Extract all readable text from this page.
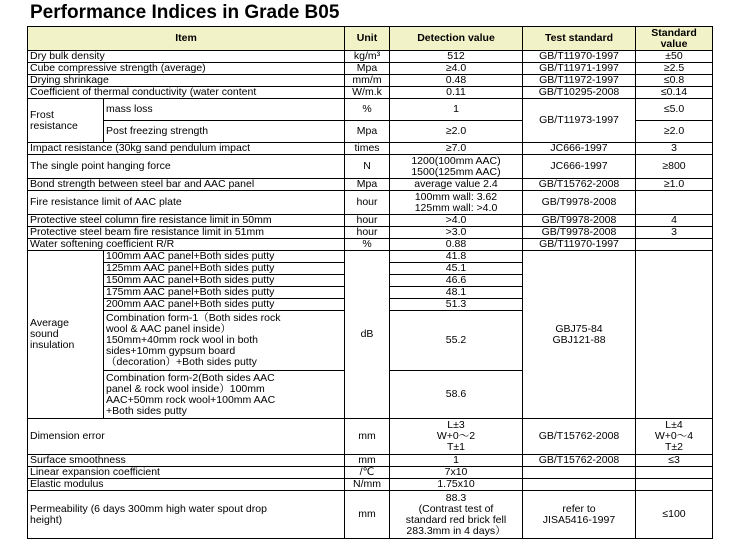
Performance Indices in Grade B05
Item		Unit	Detection value	Test standard	Standard
value
Dry bulk density		kg/m³	512	GB/T11970-1997	±50
Cube compressive strength (average)		Mpa	≥4.0	GB/T11971-1997	≥2.5
Drying shrinkage		mm/m	0.48	GB/T11972-1997	≤0.8
Coefficient of thermal conductivity (water content		W/m.k	0.11	GB/T10295-2008	≤0.14
Frost resistance	mass loss	%	1	GB/T11973-1997	≤5.0
	Post freezing strength	Mpa	≥2.0		≥2.0
Impact resistance (30kg sand pendulum impact		times	≥7.0	JC666-1997	3
The single point hanging force		N	1200(100mm AAC)
1500(125mm AAC)	JC666-1997	≥800
Bond strength between steel bar and AAC panel		Mpa	average value 2.4	GB/T15762-2008	≥1.0
Fire resistance limit of AAC plate		hour	100mm wall: 3.62
125mm wall: >4.0	GB/T9978-2008	
Protective steel column fire resistance limit in 50mm		hour	>4.0	GB/T9978-2008	4
Protective steel beam fire resistance limit in 51mm		hour	>3.0	GB/T9978-2008	3
Water softening coefficient R/R		%	0.88	GB/T11970-1997	
Average
sound
insulation	100mm AAC panel+Both sides putty	dB	41.8	GBJ75-84
GBJ121-88	
	125mm AAC panel+Both sides putty		45.1		
	150mm AAC panel+Both sides putty		46.6		
	175mm AAC panel+Both sides putty		48.1		
	200mm AAC panel+Both sides putty		51.3		
	Combination form-1（Both sides rock
wool & AAC panel inside）
150mm+40mm rock wool in both
sides+10mm gypsum board
（decoration）+Both sides putty		55.2		
	Combination form-2(Both sides AAC
panel & rock wool inside）100mm
AAC+50mm rock wool+100mm AAC
+Both sides putty		58.6		
Dimension error		mm	L±3
W+0～2
T±1	GB/T15762-2008	L±4
W+0～4
T±2
Surface smoothness		mm	1	GB/T15762-2008	≤3
Linear expansion coefficient		/℃	7x10		
Elastic modulus		N/mm	1.75x10		
Permeability (6 days 300mm high water spout drop
height)		mm	88.3
(Contrast test of
standard red brick fell
283.3mm in 4 days）	refer to
JISA5416-1997	≤100
